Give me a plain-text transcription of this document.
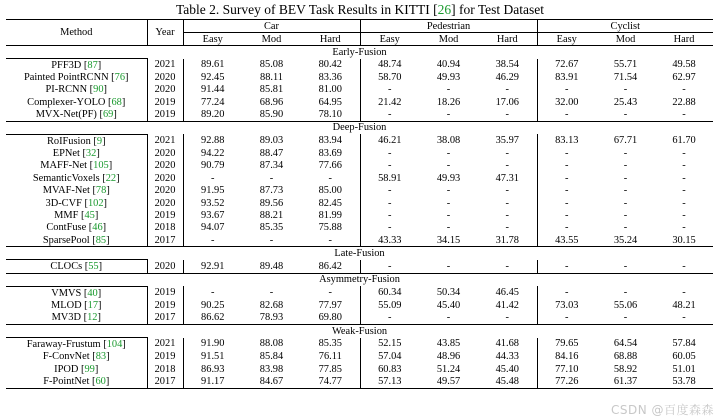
Table 2. Survey of BEV Task Results in KITTI [26] for Test Dataset
Method	Year	Car			Pedestrian			Cyclist		
		Easy	Mod	Hard	Easy	Mod	Hard	Easy	Mod	Hard
Early-Fusion										
PFF3D [87]	2021	89.61	85.08	80.42	48.74	40.94	38.54	72.67	55.71	49.58
Painted PointRCNN [76]	2020	92.45	88.11	83.36	58.70	49.93	46.29	83.91	71.54	62.97
PI-RCNN [90]	2020	91.44	85.81	81.00	-	-	-	-	-	-
Complexer-YOLO [68]	2019	77.24	68.96	64.95	21.42	18.26	17.06	32.00	25.43	22.88
MVX-Net(PF) [69]	2019	89.20	85.90	78.10	-	-	-	-	-	-
Deep-Fusion										
RoIFusion [9]	2021	92.88	89.03	83.94	46.21	38.08	35.97	83.13	67.71	61.70
EPNet [32]	2020	94.22	88.47	83.69	-	-	-	-	-	-
MAFF-Net [105]	2020	90.79	87.34	77.66	-	-	-	-	-	-
SemanticVoxels [22]	2020	-	-	-	58.91	49.93	47.31	-	-	-
MVAF-Net [78]	2020	91.95	87.73	85.00	-	-	-	-	-	-
3D-CVF [102]	2020	93.52	89.56	82.45	-	-	-	-	-	-
MMF [45]	2019	93.67	88.21	81.99	-	-	-	-	-	-
ContFuse [46]	2018	94.07	85.35	75.88	-	-	-	-	-	-
SparsePool [85]	2017	-	-	-	43.33	34.15	31.78	43.55	35.24	30.15
Late-Fusion										
CLOCs [55]	2020	92.91	89.48	86.42	-	-	-	-	-	-
Asymmetry-Fusion										
VMVS [40]	2019	-	-	-	60.34	50.34	46.45	-	-	-
MLOD [17]	2019	90.25	82.68	77.97	55.09	45.40	41.42	73.03	55.06	48.21
MV3D [12]	2017	86.62	78.93	69.80	-	-	-	-	-	-
Weak-Fusion										
Faraway-Frustum [104]	2021	91.90	88.08	85.35	52.15	43.85	41.68	79.65	64.54	57.84
F-ConvNet [83]	2019	91.51	85.84	76.11	57.04	48.96	44.33	84.16	68.88	60.05
IPOD [99]	2018	86.93	83.98	77.85	60.83	51.24	45.40	77.10	58.92	51.01
F-PointNet [60]	2017	91.17	84.67	74.77	57.13	49.57	45.48	77.26	61.37	53.78
CSDN @百度森森
